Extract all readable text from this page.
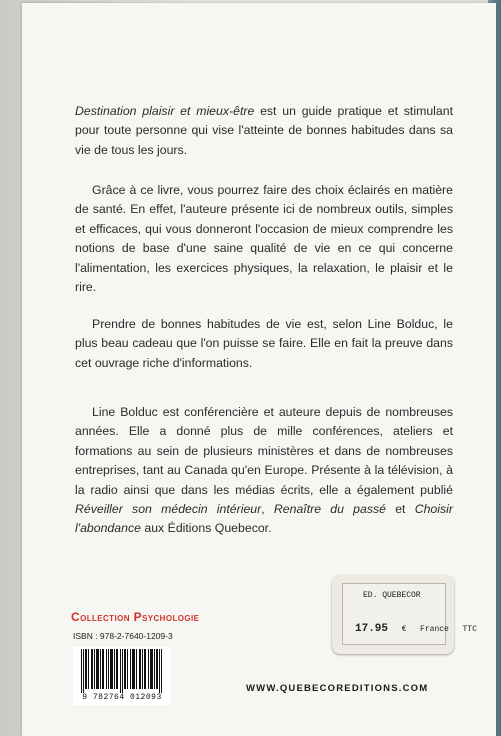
Destination plaisir et mieux-être est un guide pratique et stimulant pour toute personne qui vise l'atteinte de bonnes habitudes dans sa vie de tous les jours.
Grâce à ce livre, vous pourrez faire des choix éclairés en matière de santé. En effet, l'auteure présente ici de nombreux outils, simples et efficaces, qui vous donneront l'occasion de mieux comprendre les notions de base d'une saine qualité de vie en ce qui concerne l'alimentation, les exercices physiques, la relaxation, le plaisir et le rire.
Prendre de bonnes habitudes de vie est, selon Line Bolduc, le plus beau cadeau que l'on puisse se faire. Elle en fait la preuve dans cet ouvrage riche d'informations.
Line Bolduc est conférencière et auteure depuis de nombreuses années. Elle a donné plus de mille conférences, ateliers et formations au sein de plusieurs ministères et dans de nombreuses entreprises, tant au Canada qu'en Europe. Présente à la télévision, à la radio ainsi que dans les médias écrits, elle a également publié Réveiller son médecin intérieur, Renaître du passé et Choisir l'abondance aux Éditions Quebecor.
Collection Psychologie
ISBN : 978-2-7640-1209-3
9 782764 012093
WWW.QUEBECOREDITIONS.COM
ED. QUEBECOR
17.95 € France TTC
